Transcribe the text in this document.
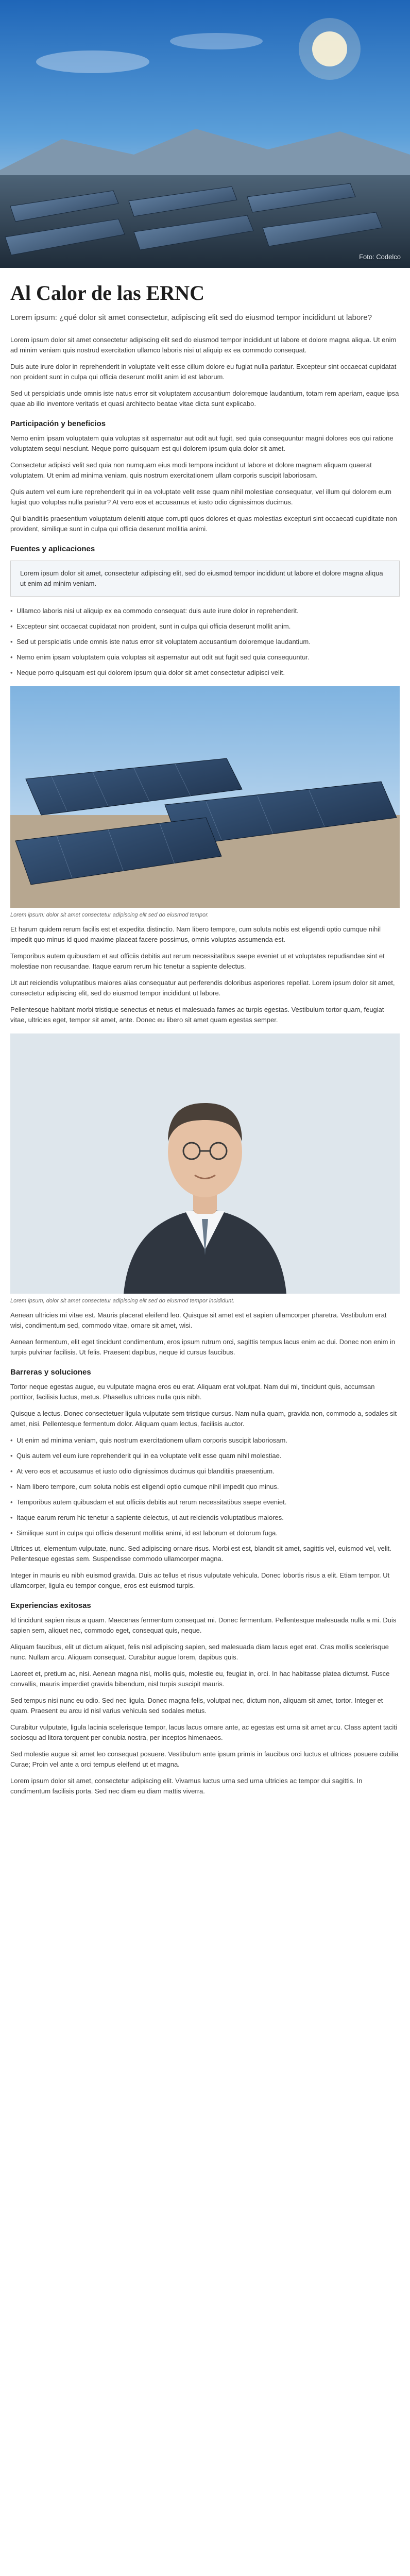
Foto: Codelco
Al Calor de las ERNC

Lorem ipsum: ¿qué dolor sit amet consectetur, adipiscing elit sed do eiusmod tempor incididunt ut labore?

Lorem ipsum dolor sit amet consectetur adipiscing elit sed do eiusmod tempor incididunt ut labore et dolore magna aliqua. Ut enim ad minim veniam quis nostrud exercitation ullamco laboris nisi ut aliquip ex ea commodo consequat.

Duis aute irure dolor in reprehenderit in voluptate velit esse cillum dolore eu fugiat nulla pariatur. Excepteur sint occaecat cupidatat non proident sunt in culpa qui officia deserunt mollit anim id est laborum.

Sed ut perspiciatis unde omnis iste natus error sit voluptatem accusantium doloremque laudantium, totam rem aperiam, eaque ipsa quae ab illo inventore veritatis et quasi architecto beatae vitae dicta sunt explicabo.

Participación y beneficios

Nemo enim ipsam voluptatem quia voluptas sit aspernatur aut odit aut fugit, sed quia consequuntur magni dolores eos qui ratione voluptatem sequi nesciunt. Neque porro quisquam est qui dolorem ipsum quia dolor sit amet.

Consectetur adipisci velit sed quia non numquam eius modi tempora incidunt ut labore et dolore magnam aliquam quaerat voluptatem. Ut enim ad minima veniam, quis nostrum exercitationem ullam corporis suscipit laboriosam.

Quis autem vel eum iure reprehenderit qui in ea voluptate velit esse quam nihil molestiae consequatur, vel illum qui dolorem eum fugiat quo voluptas nulla pariatur? At vero eos et accusamus et iusto odio dignissimos ducimus.

Qui blanditiis praesentium voluptatum deleniti atque corrupti quos dolores et quas molestias excepturi sint occaecati cupiditate non provident, similique sunt in culpa qui officia deserunt mollitia animi.

Fuentes y aplicaciones
Lorem ipsum dolor sit amet, consectetur adipiscing elit, sed do eiusmod tempor incididunt ut labore et dolore magna aliqua ut enim ad minim veniam.
• Ullamco laboris nisi ut aliquip ex ea commodo consequat: duis aute irure dolor in reprehenderit.
• Excepteur sint occaecat cupidatat non proident, sunt in culpa qui officia deserunt mollit anim.
• Sed ut perspiciatis unde omnis iste natus error sit voluptatem accusantium doloremque laudantium.
• Nemo enim ipsam voluptatem quia voluptas sit aspernatur aut odit aut fugit sed quia consequuntur.
• Neque porro quisquam est qui dolorem ipsum quia dolor sit amet consectetur adipisci velit.
Lorem ipsum: dolor sit amet consectetur adipiscing elit sed do eiusmod tempor.

Et harum quidem rerum facilis est et expedita distinctio. Nam libero tempore, cum soluta nobis est eligendi optio cumque nihil impedit quo minus id quod maxime placeat facere possimus, omnis voluptas assumenda est.

Temporibus autem quibusdam et aut officiis debitis aut rerum necessitatibus saepe eveniet ut et voluptates repudiandae sint et molestiae non recusandae. Itaque earum rerum hic tenetur a sapiente delectus.

Ut aut reiciendis voluptatibus maiores alias consequatur aut perferendis doloribus asperiores repellat. Lorem ipsum dolor sit amet, consectetur adipiscing elit, sed do eiusmod tempor incididunt ut labore.

Pellentesque habitant morbi tristique senectus et netus et malesuada fames ac turpis egestas. Vestibulum tortor quam, feugiat vitae, ultricies eget, tempor sit amet, ante. Donec eu libero sit amet quam egestas semper.

Lorem ipsum, dolor sit amet consectetur adipiscing elit sed do eiusmod tempor incididunt.

Aenean ultricies mi vitae est. Mauris placerat eleifend leo. Quisque sit amet est et sapien ullamcorper pharetra. Vestibulum erat wisi, condimentum sed, commodo vitae, ornare sit amet, wisi.

Aenean fermentum, elit eget tincidunt condimentum, eros ipsum rutrum orci, sagittis tempus lacus enim ac dui. Donec non enim in turpis pulvinar facilisis. Ut felis. Praesent dapibus, neque id cursus faucibus.

Barreras y soluciones

Tortor neque egestas augue, eu vulputate magna eros eu erat. Aliquam erat volutpat. Nam dui mi, tincidunt quis, accumsan porttitor, facilisis luctus, metus. Phasellus ultrices nulla quis nibh.

Quisque a lectus. Donec consectetuer ligula vulputate sem tristique cursus. Nam nulla quam, gravida non, commodo a, sodales sit amet, nisi. Pellentesque fermentum dolor. Aliquam quam lectus, facilisis auctor.

• Ut enim ad minima veniam, quis nostrum exercitationem ullam corporis suscipit laboriosam.
• Quis autem vel eum iure reprehenderit qui in ea voluptate velit esse quam nihil molestiae.
• At vero eos et accusamus et iusto odio dignissimos ducimus qui blanditiis praesentium.
• Nam libero tempore, cum soluta nobis est eligendi optio cumque nihil impedit quo minus.
• Temporibus autem quibusdam et aut officiis debitis aut rerum necessitatibus saepe eveniet.
• Itaque earum rerum hic tenetur a sapiente delectus, ut aut reiciendis voluptatibus maiores.
• Similique sunt in culpa qui officia deserunt mollitia animi, id est laborum et dolorum fuga.

Ultrices ut, elementum vulputate, nunc. Sed adipiscing ornare risus. Morbi est est, blandit sit amet, sagittis vel, euismod vel, velit. Pellentesque egestas sem. Suspendisse commodo ullamcorper magna.

Integer in mauris eu nibh euismod gravida. Duis ac tellus et risus vulputate vehicula. Donec lobortis risus a elit. Etiam tempor. Ut ullamcorper, ligula eu tempor congue, eros est euismod turpis.

Experiencias exitosas

Id tincidunt sapien risus a quam. Maecenas fermentum consequat mi. Donec fermentum. Pellentesque malesuada nulla a mi. Duis sapien sem, aliquet nec, commodo eget, consequat quis, neque.

Aliquam faucibus, elit ut dictum aliquet, felis nisl adipiscing sapien, sed malesuada diam lacus eget erat. Cras mollis scelerisque nunc. Nullam arcu. Aliquam consequat. Curabitur augue lorem, dapibus quis.

Laoreet et, pretium ac, nisi. Aenean magna nisl, mollis quis, molestie eu, feugiat in, orci. In hac habitasse platea dictumst. Fusce convallis, mauris imperdiet gravida bibendum, nisl turpis suscipit mauris.

Sed tempus nisi nunc eu odio. Sed nec ligula. Donec magna felis, volutpat nec, dictum non, aliquam sit amet, tortor. Integer et quam. Praesent eu arcu id nisl varius vehicula sed sodales metus.

Curabitur vulputate, ligula lacinia scelerisque tempor, lacus lacus ornare ante, ac egestas est urna sit amet arcu. Class aptent taciti sociosqu ad litora torquent per conubia nostra, per inceptos himenaeos.

Sed molestie augue sit amet leo consequat posuere. Vestibulum ante ipsum primis in faucibus orci luctus et ultrices posuere cubilia Curae; Proin vel ante a orci tempus eleifend ut et magna.

Lorem ipsum dolor sit amet, consectetur adipiscing elit. Vivamus luctus urna sed urna ultricies ac tempor dui sagittis. In condimentum facilisis porta. Sed nec diam eu diam mattis viverra.
